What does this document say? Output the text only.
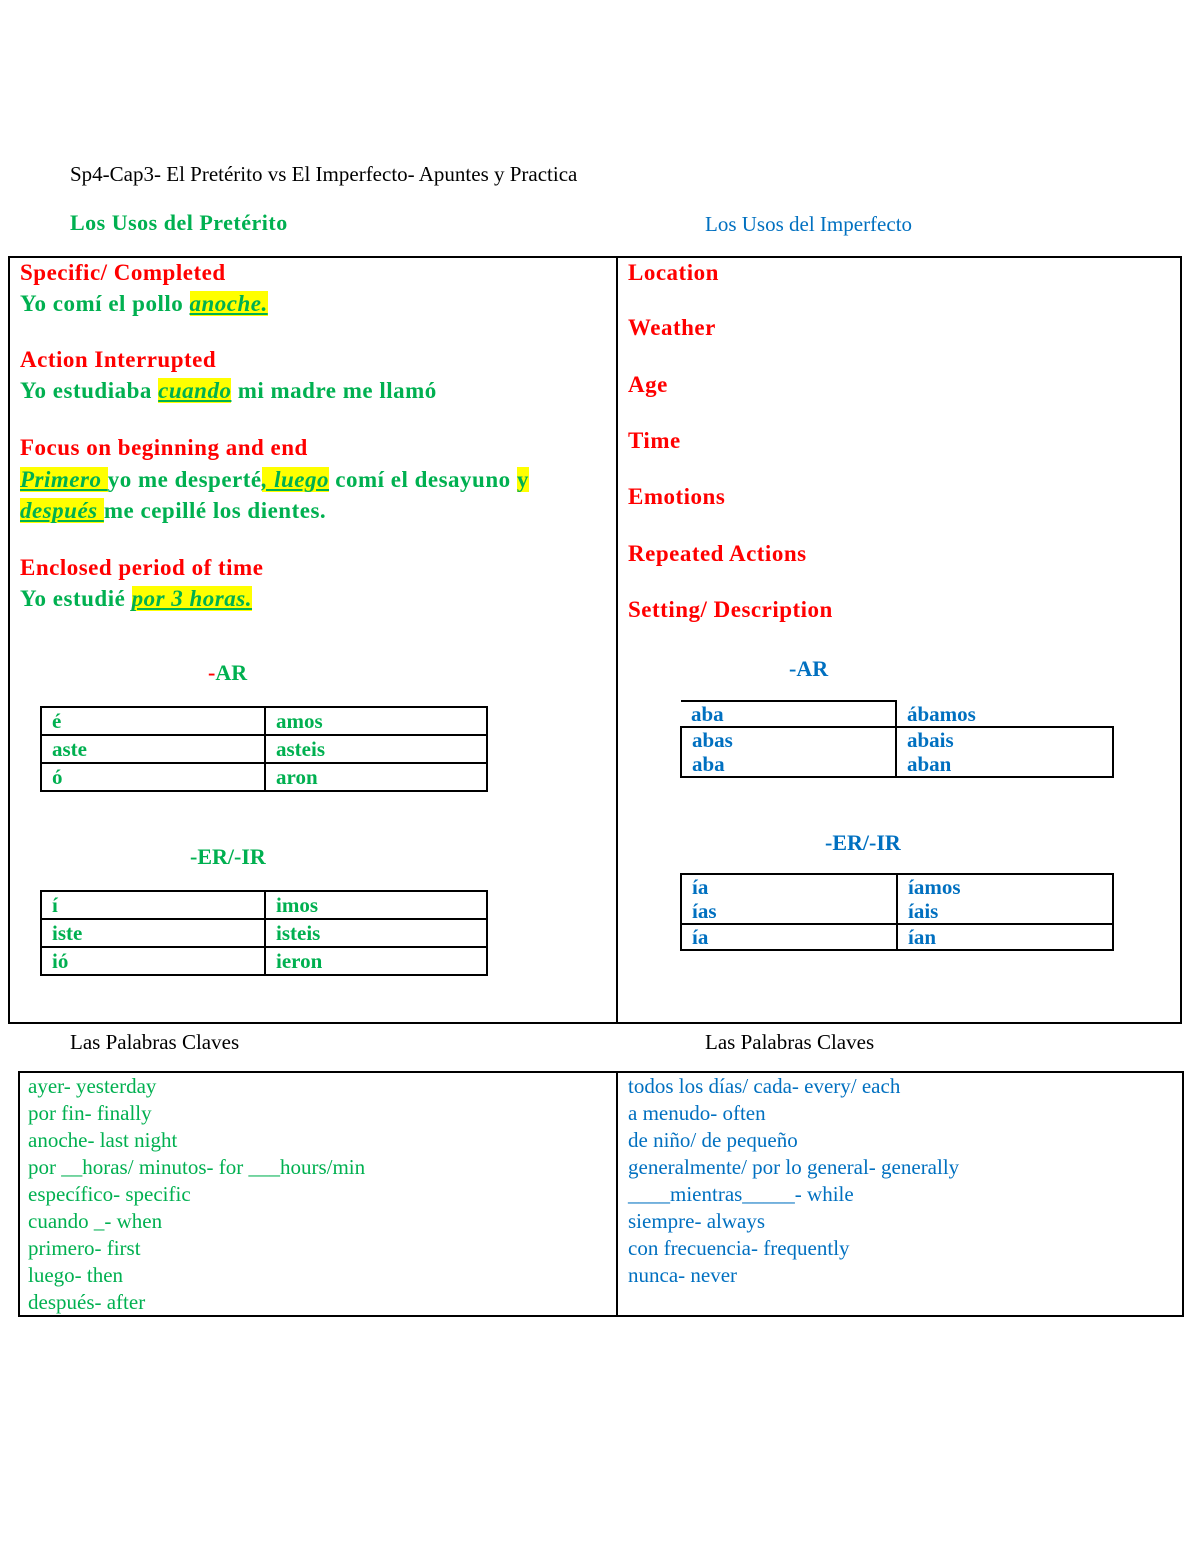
Sp4-Cap3- El Pretérito vs El Imperfecto- Apuntes y Practica
Los Usos del Pretérito	Los Usos del Imperfecto
Specific/ Completed
Yo comí el pollo anoche.
Action Interrupted
Yo estudiaba cuando mi madre me llamó
Focus on beginning and end
Primero yo me desperté, luego comí el desayuno y
después me cepillé los dientes.
Enclosed period of time
Yo estudié por 3 horas.
-AR
é	amos
aste	asteis
ó	aron
-ER/-IR
í	imos
iste	isteis
ió	ieron
Location
Weather
Age
Time
Emotions
Repeated Actions
Setting/ Description
-AR
aba	ábamos
abas	abais
aba	aban
-ER/-IR
ía	íamos
ías	íais
ía	ían
Las Palabras Claves	Las Palabras Claves
ayer- yesterday
por fin- finally
anoche- last night
por __horas/ minutos- for ___hours/min
específico- specific
cuando _- when
primero- first
luego- then
después- after
todos los días/ cada- every/ each
a menudo- often
de niño/ de pequeño
generalmente/ por lo general- generally
____mientras_____- while
siempre- always
con frecuencia- frequently
nunca- never
